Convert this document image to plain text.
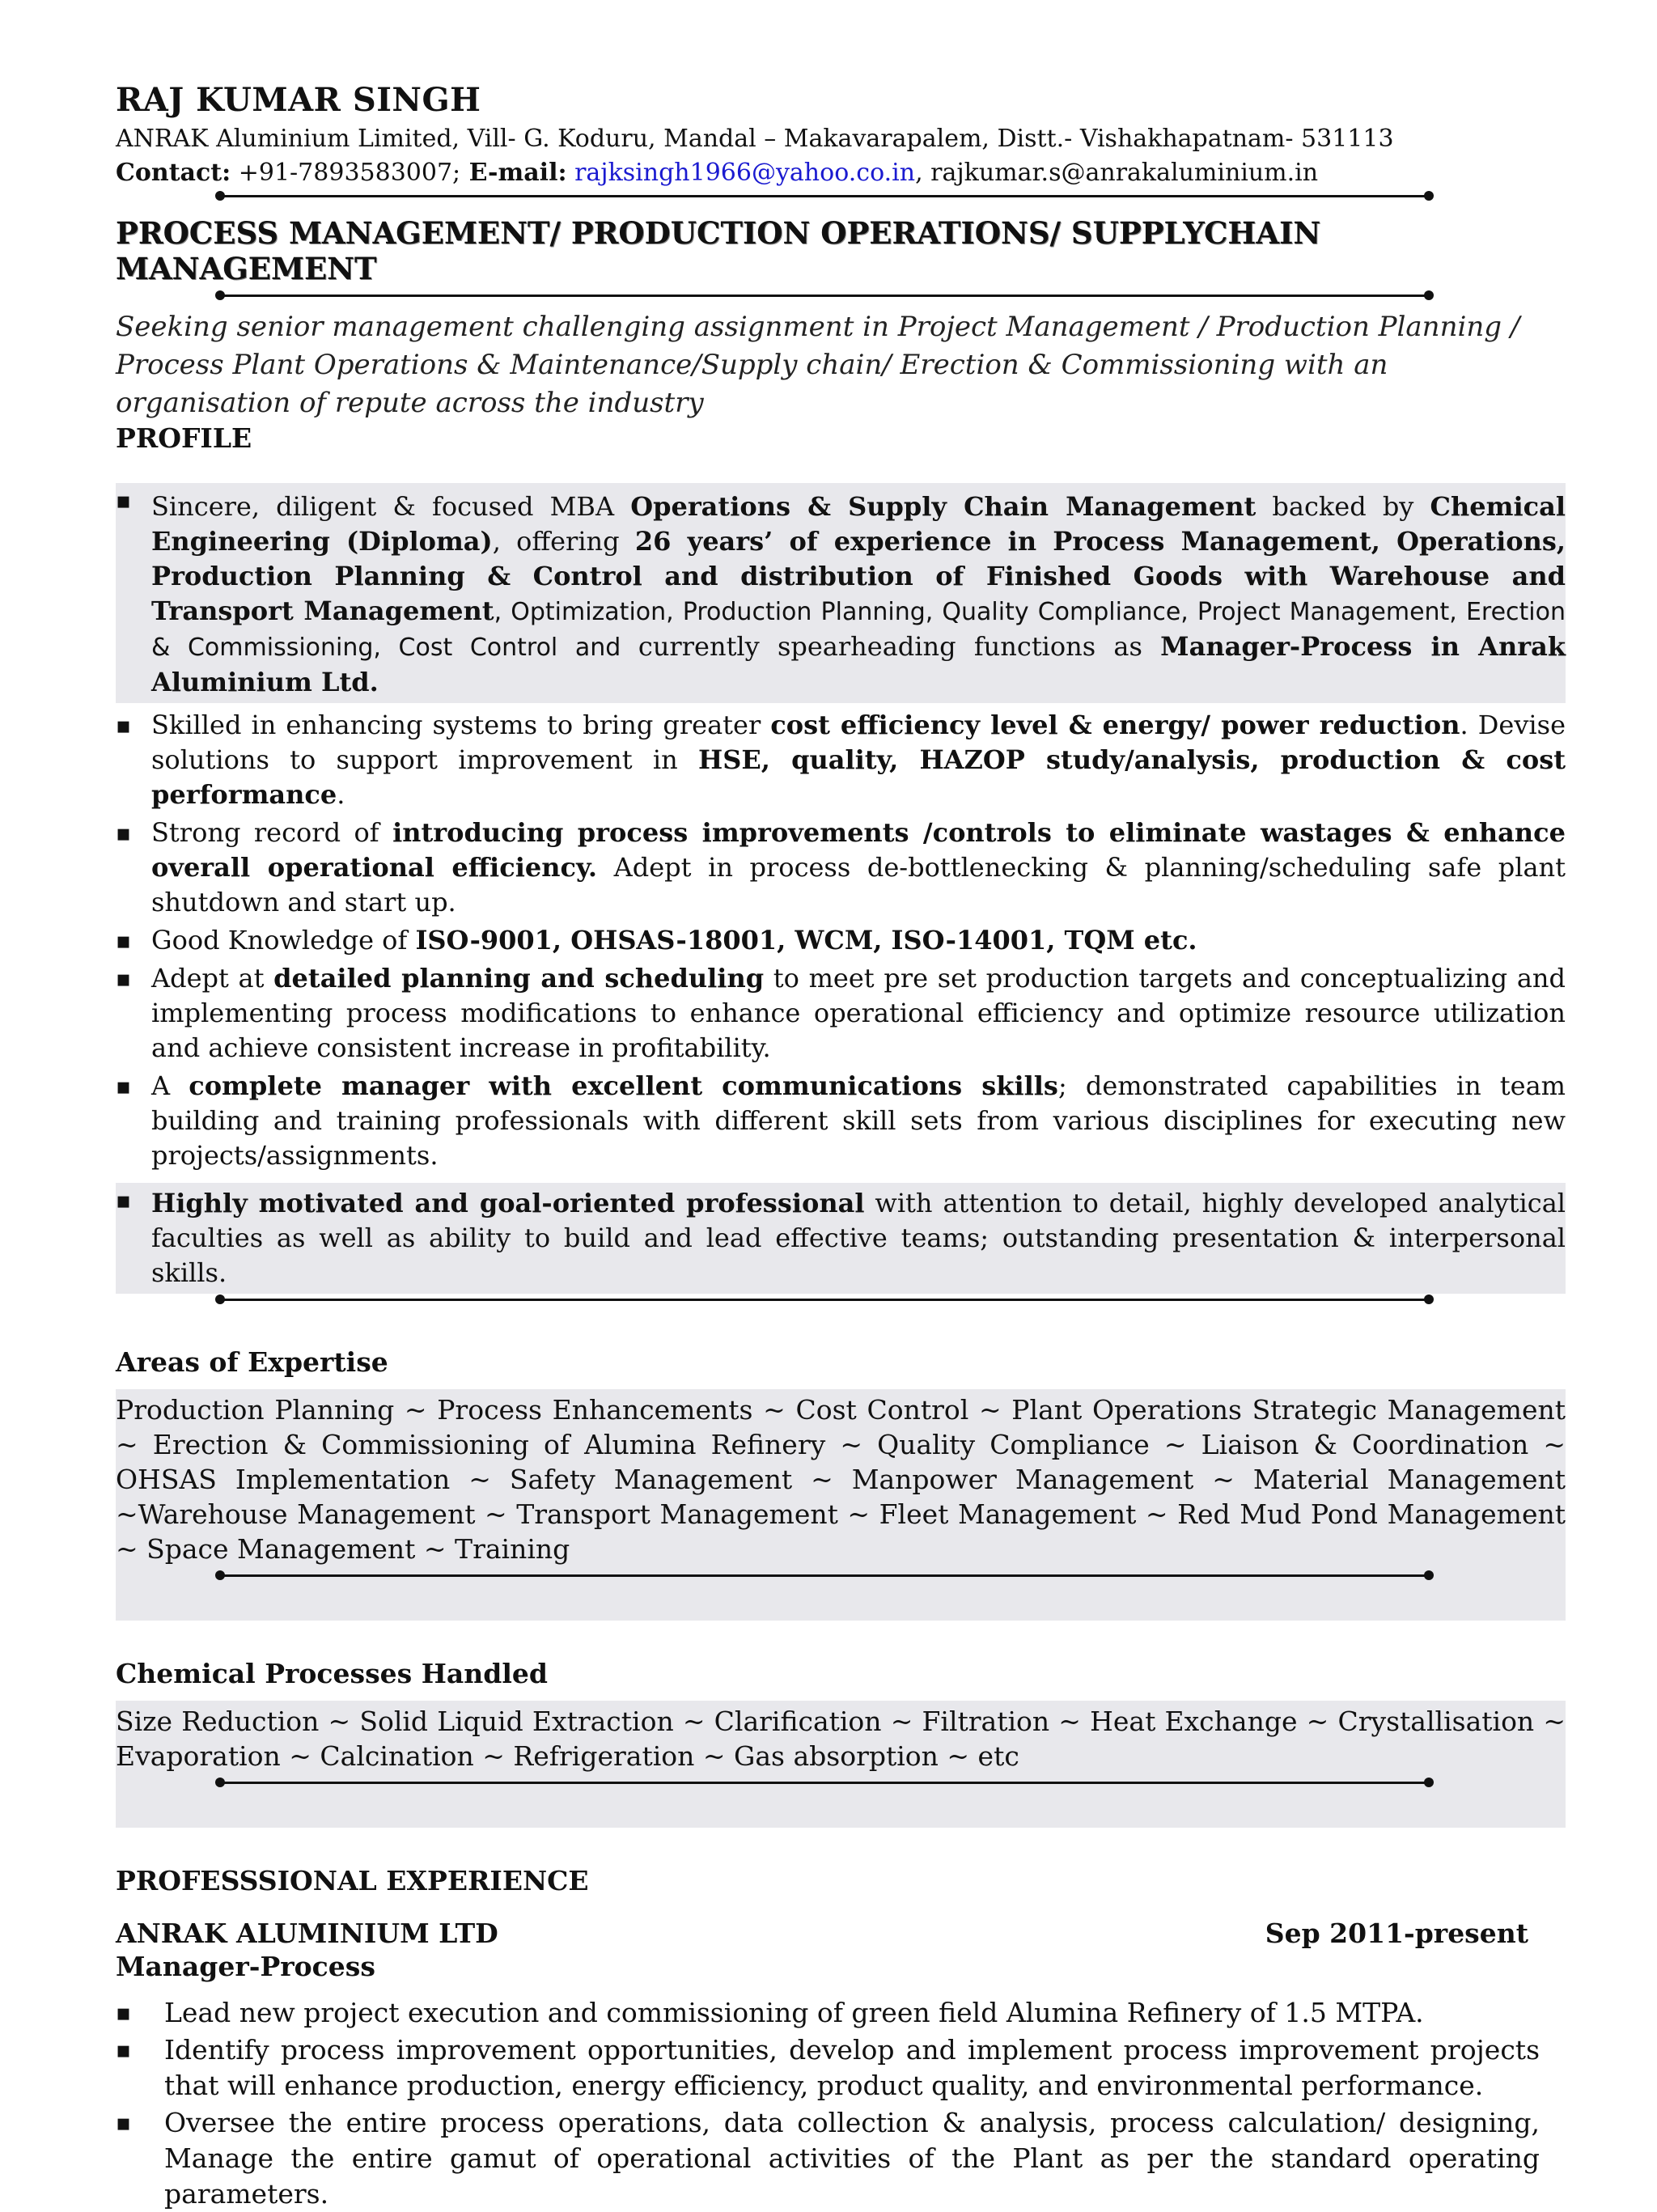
RAJ KUMAR SINGH
ANRAK Aluminium Limited, Vill- G. Koduru, Mandal – Makavarapalem, Distt.- Vishakhapatnam- 531113
Contact: +91-7893583007; E-mail: rajksingh1966@yahoo.co.in, rajkumar.s@anrakaluminium.in
PROCESS MANAGEMENT/ PRODUCTION OPERATIONS/ SUPPLYCHAIN MANAGEMENT
Seeking senior management challenging assignment in Project Management / Production Planning / Process Plant Operations & Maintenance/Supply chain/ Erection & Commissioning with an organisation of repute across the industry
PROFILE
▪ Sincere, diligent & focused MBA Operations & Supply Chain Management backed by Chemical Engineering (Diploma), offering 26 years’ of experience in Process Management, Operations, Production Planning & Control and distribution of Finished Goods with Warehouse and Transport Management, Optimization, Production Planning, Quality Compliance, Project Management, Erection & Commissioning, Cost Control and currently spearheading functions as Manager-Process in Anrak Aluminium Ltd.
▪ Skilled in enhancing systems to bring greater cost efficiency level & energy/ power reduction. Devise solutions to support improvement in HSE, quality, HAZOP study/analysis, production & cost performance.
▪ Strong record of introducing process improvements /controls to eliminate wastages & enhance overall operational efficiency. Adept in process de-bottlenecking & planning/scheduling safe plant shutdown and start up.
▪ Good Knowledge of ISO-9001, OHSAS-18001, WCM, ISO-14001, TQM etc.
▪ Adept at detailed planning and scheduling to meet pre set production targets and conceptualizing and implementing process modifications to enhance operational efficiency and optimize resource utilization and achieve consistent increase in profitability.
▪ A complete manager with excellent communications skills; demonstrated capabilities in team building and training professionals with different skill sets from various disciplines for executing new projects/assignments.
▪ Highly motivated and goal-oriented professional with attention to detail, highly developed analytical faculties as well as ability to build and lead effective teams; outstanding presentation & interpersonal skills.
Areas of Expertise
Production Planning ~ Process Enhancements ~ Cost Control ~ Plant Operations Strategic Management ~ Erection & Commissioning of Alumina Refinery ~ Quality Compliance ~ Liaison & Coordination ~ OHSAS Implementation ~ Safety Management ~ Manpower Management ~ Material Management ~Warehouse Management ~ Transport Management ~ Fleet Management ~ Red Mud Pond Management ~ Space Management ~ Training
Chemical Processes Handled
Size Reduction ~ Solid Liquid Extraction ~ Clarification ~ Filtration ~ Heat Exchange ~ Crystallisation ~ Evaporation ~ Calcination ~ Refrigeration ~ Gas absorption ~ etc
PROFESSSIONAL EXPERIENCE
ANRAK ALUMINIUM LTD	Sep 2011-present
Manager-Process
▪ Lead new project execution and commissioning of green field Alumina Refinery of 1.5 MTPA.
▪ Identify process improvement opportunities, develop and implement process improvement projects that will enhance production, energy efficiency, product quality, and environmental performance.
▪ Oversee the entire process operations, data collection & analysis, process calculation/ designing, Manage the entire gamut of operational activities of the Plant as per the standard operating parameters.
